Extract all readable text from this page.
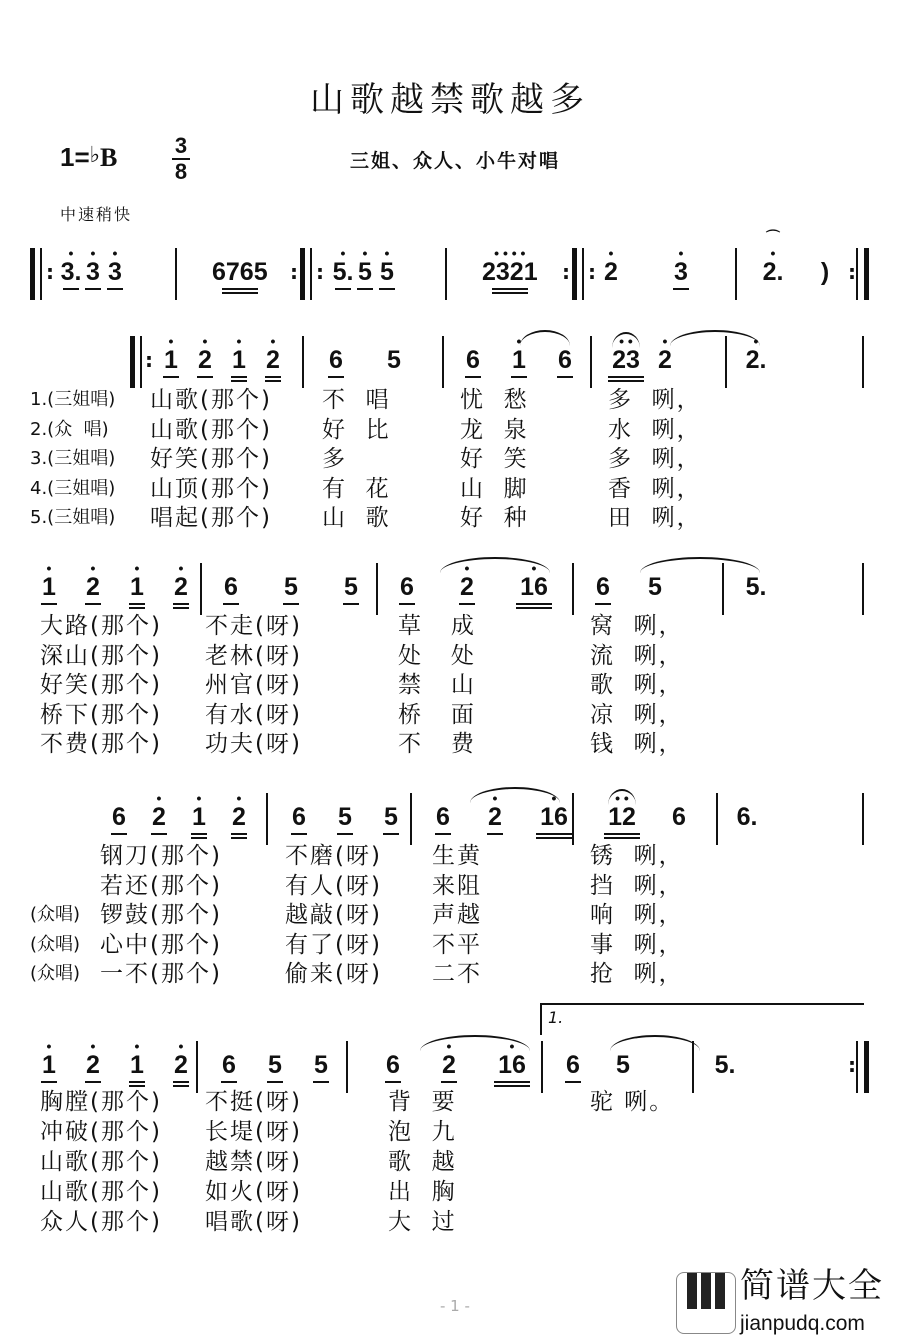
山歌越禁歌越多
1=♭B	3
8	三姐、众人、小牛对唱
中速稍快
:
•
3.
•
3
•
3	6765 : :
•
5.
•
5
•
5
• • • •
2321 : :
•
2
•
3
⌒
•
2. ) :
:
•
1
•
2
•
1
•
2 6 5	6
•
1 6
• •
23
•
2
•
2.
•
1
•
2
•
1
•
2 6 5 5 6
•
2
•
16 6 5	5.
6
•
2
•
1
•
2 6 5 5 6
•
2
•
16
• •
12 6 6.
1.
•
1
•
2
•
1
•
2 6 5 5 6
•
2
•
16 6 5	5.	:
1.(三姐唱) 山歌(那个) 不  唱	忧  愁	多  咧，
2.(众  唱) 山歌(那个) 好  比	龙  泉	水  咧，
3.(三姐唱) 好笑(那个) 多	好  笑	多  咧，
4.(三姐唱) 山顶(那个) 有  花	山  脚	香  咧，
5.(三姐唱) 唱起(那个) 山  歌	好  种	田  咧，
大路(那个) 不走(呀)	草   成	窝  咧，
深山(那个) 老林(呀)	处   处	流  咧，
好笑(那个) 州官(呀)	禁   山	歌  咧，
桥下(那个) 有水(呀)	桥   面	凉  咧，
不费(那个) 功夫(呀)	不   费	钱  咧，
钢刀(那个)	不磨(呀) 生黄	锈  咧，
若还(那个)	有人(呀) 来阻	挡  咧，
(众唱) 锣鼓(那个)	越敲(呀) 声越	响  咧，
(众唱) 心中(那个)	有了(呀) 不平	事  咧，
(众唱) 一不(那个)	偷来(呀) 二不	抢  咧，
胸膛(那个) 不挺(呀)	背  要	驼 咧。
冲破(那个) 长堤(呀)	泡  九
山歌(那个) 越禁(呀)	歌  越
山歌(那个) 如火(呀)	出  胸
众人(那个) 唱歌(呀)	大  过
- 1 -	简谱大全
jianpudq.com
